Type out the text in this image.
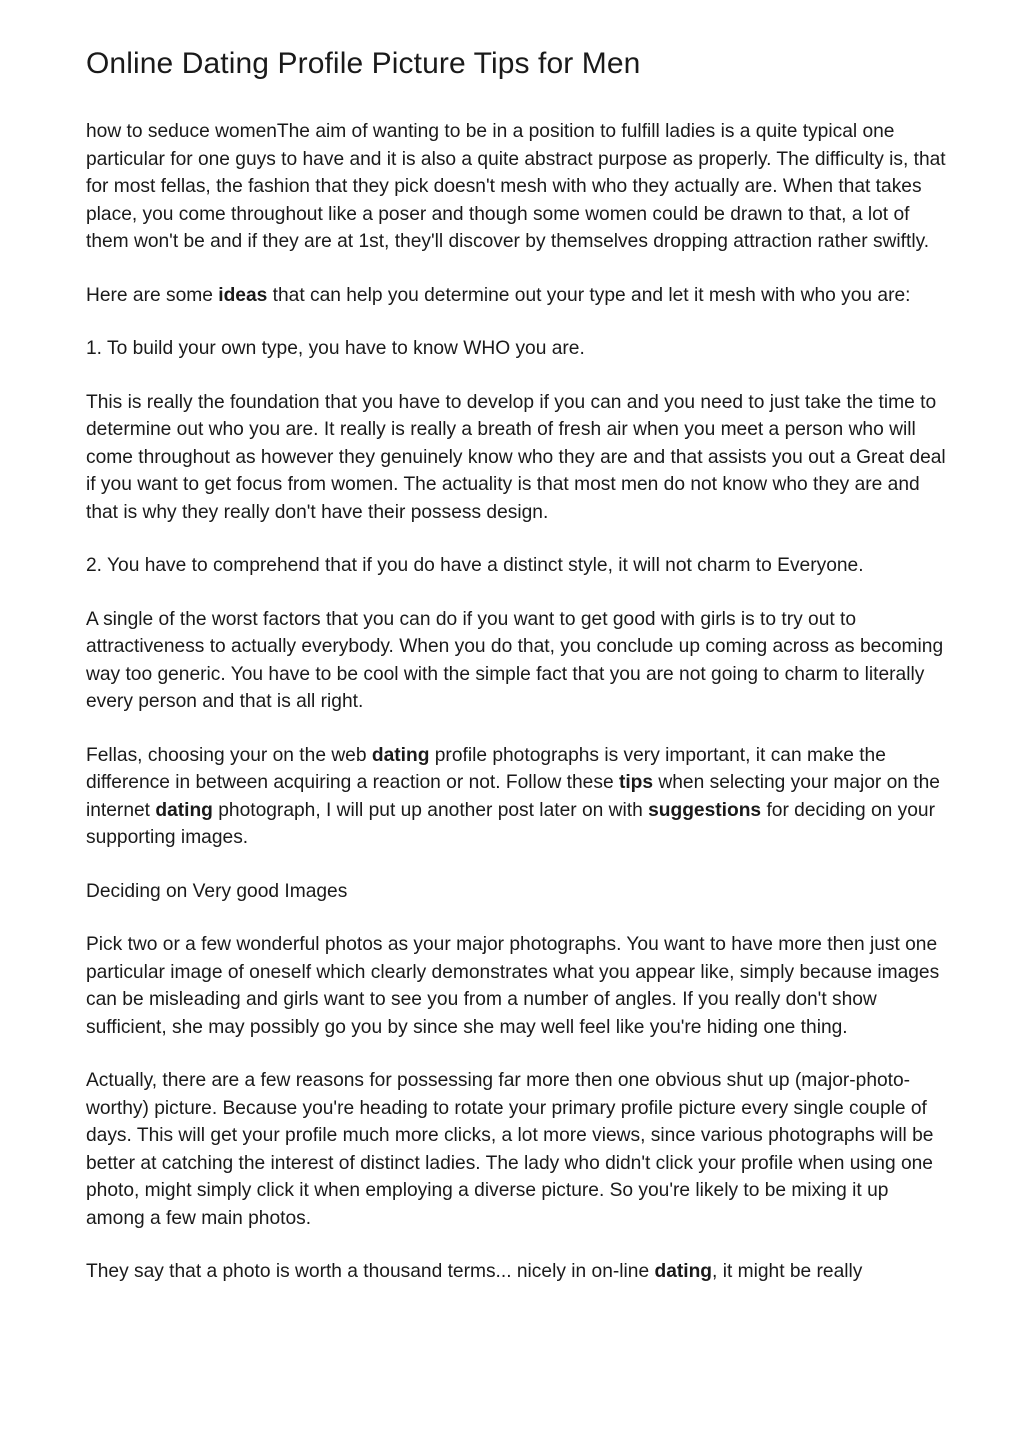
Online Dating Profile Picture Tips for Men

how to seduce womenThe aim of wanting to be in a position to fulfill ladies is a quite typical one particular for one guys to have and it is also a quite abstract purpose as properly. The difficulty is, that for most fellas, the fashion that they pick doesn't mesh with who they actually are. When that takes place, you come throughout like a poser and though some women could be drawn to that, a lot of them won't be and if they are at 1st, they'll discover by themselves dropping attraction rather swiftly.

Here are some ideas that can help you determine out your type and let it mesh with who you are:

1. To build your own type, you have to know WHO you are.

This is really the foundation that you have to develop if you can and you need to just take the time to determine out who you are. It really is really a breath of fresh air when you meet a person who will come throughout as however they genuinely know who they are and that assists you out a Great deal if you want to get focus from women. The actuality is that most men do not know who they are and that is why they really don't have their possess design.

2. You have to comprehend that if you do have a distinct style, it will not charm to Everyone.

A single of the worst factors that you can do if you want to get good with girls is to try out to attractiveness to actually everybody. When you do that, you conclude up coming across as becoming way too generic. You have to be cool with the simple fact that you are not going to charm to literally every person and that is all right.

Fellas, choosing your on the web dating profile photographs is very important, it can make the difference in between acquiring a reaction or not. Follow these tips when selecting your major on the internet dating photograph, I will put up another post later on with suggestions for deciding on your supporting images.

Deciding on Very good Images

Pick two or a few wonderful photos as your major photographs. You want to have more then just one particular image of oneself which clearly demonstrates what you appear like, simply because images can be misleading and girls want to see you from a number of angles. If you really don't show sufficient, she may possibly go you by since she may well feel like you're hiding one thing.

Actually, there are a few reasons for possessing far more then one obvious shut up (major-photo-worthy) picture. Because you're heading to rotate your primary profile picture every single couple of days. This will get your profile much more clicks, a lot more views, since various photographs will be better at catching the interest of distinct ladies. The lady who didn't click your profile when using one photo, might simply click it when employing a diverse picture. So you're likely to be mixing it up among a few main photos.

They say that a photo is worth a thousand terms... nicely in on-line dating, it might be really
